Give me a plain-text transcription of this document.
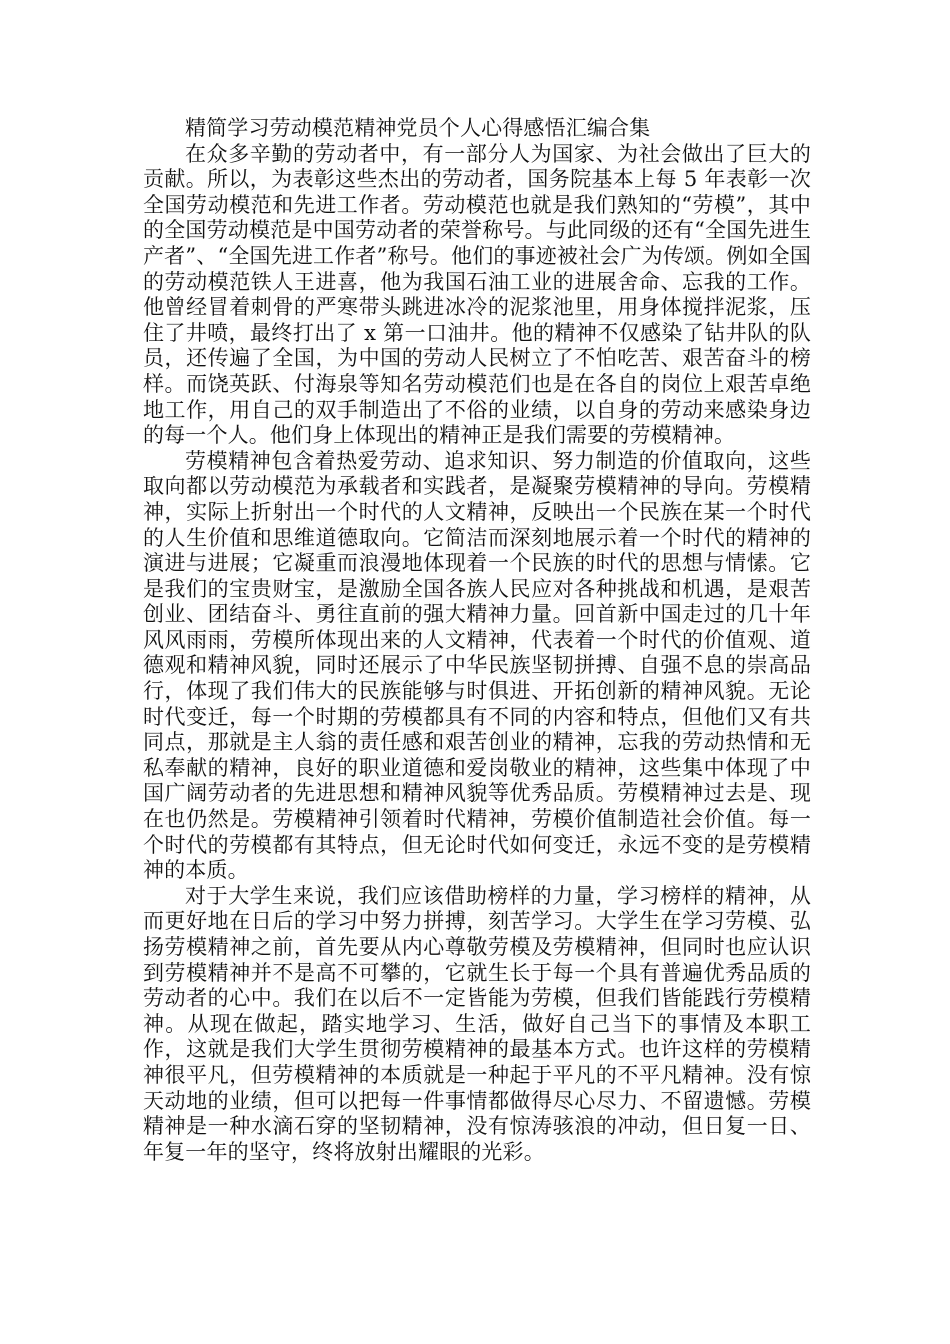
精简学习劳动模范精神党员个人心得感悟汇编合集

在众多辛勤的劳动者中，有一部分人为国家、为社会做出了巨大的贡献。所以，为表彰这些杰出的劳动者，国务院基本上每 5 年表彰一次全国劳动模范和先进工作者。劳动模范也就是我们熟知的“劳模”，其中的全国劳动模范是中国劳动者的荣誉称号。与此同级的还有“全国先进生产者”、“全国先进工作者”称号。他们的事迹被社会广为传颂。例如全国的劳动模范铁人王进喜，他为我国石油工业的进展舍命、忘我的工作。他曾经冒着刺骨的严寒带头跳进冰冷的泥浆池里，用身体搅拌泥浆，压住了井喷，最终打出了 x 第一口油井。他的精神不仅感染了钻井队的队员，还传遍了全国，为中国的劳动人民树立了不怕吃苦、艰苦奋斗的榜样。而饶英跃、付海泉等知名劳动模范们也是在各自的岗位上艰苦卓绝地工作，用自己的双手制造出了不俗的业绩，以自身的劳动来感染身边的每一个人。他们身上体现出的精神正是我们需要的劳模精神。

劳模精神包含着热爱劳动、追求知识、努力制造的价值取向，这些取向都以劳动模范为承载者和实践者，是凝聚劳模精神的导向。劳模精神，实际上折射出一个时代的人文精神，反映出一个民族在某一个时代的人生价值和思维道德取向。它简洁而深刻地展示着一个时代的精神的演进与进展；它凝重而浪漫地体现着一个民族的时代的思想与情愫。它是我们的宝贵财宝，是激励全国各族人民应对各种挑战和机遇，是艰苦创业、团结奋斗、勇往直前的强大精神力量。回首新中国走过的几十年风风雨雨，劳模所体现出来的人文精神，代表着一个时代的价值观、道德观和精神风貌，同时还展示了中华民族坚韧拼搏、自强不息的崇高品行，体现了我们伟大的民族能够与时俱进、开拓创新的精神风貌。无论时代变迁，每一个时期的劳模都具有不同的内容和特点，但他们又有共同点，那就是主人翁的责任感和艰苦创业的精神，忘我的劳动热情和无私奉献的精神，良好的职业道德和爱岗敬业的精神，这些集中体现了中国广阔劳动者的先进思想和精神风貌等优秀品质。劳模精神过去是、现在也仍然是。劳模精神引领着时代精神，劳模价值制造社会价值。每一个时代的劳模都有其特点，但无论时代如何变迁，永远不变的是劳模精神的本质。

对于大学生来说，我们应该借助榜样的力量，学习榜样的精神，从而更好地在日后的学习中努力拼搏，刻苦学习。大学生在学习劳模、弘扬劳模精神之前，首先要从内心尊敬劳模及劳模精神，但同时也应认识到劳模精神并不是高不可攀的，它就生长于每一个具有普遍优秀品质的劳动者的心中。我们在以后不一定皆能为劳模，但我们皆能践行劳模精神。从现在做起，踏实地学习、生活，做好自己当下的事情及本职工作，这就是我们大学生贯彻劳模精神的最基本方式。也许这样的劳模精神很平凡，但劳模精神的本质就是一种起于平凡的不平凡精神。没有惊天动地的业绩，但可以把每一件事情都做得尽心尽力、不留遗憾。劳模精神是一种水滴石穿的坚韧精神，没有惊涛骇浪的冲动，但日复一日、年复一年的坚守，终将放射出耀眼的光彩。
